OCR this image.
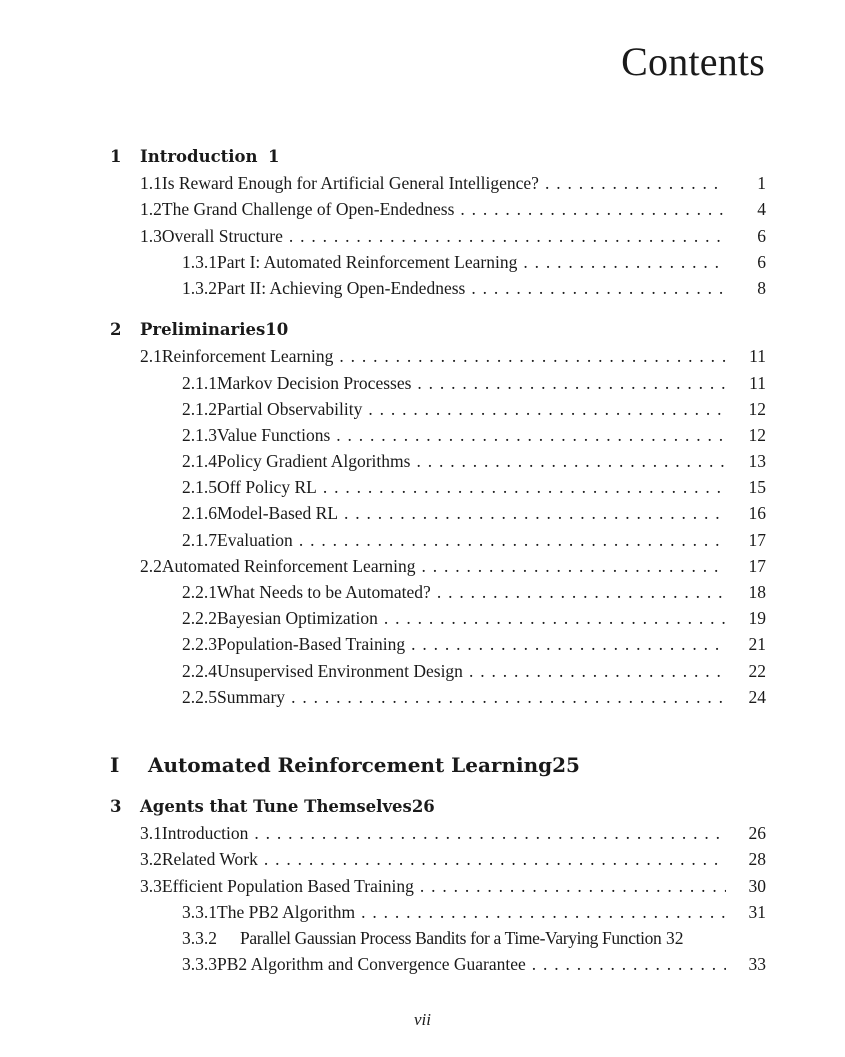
Contents
1	Introduction 1
1.1 Is Reward Enough for Artificial General Intelligence? . . .	1
1.2 The Grand Challenge of Open-Endedness . . .	4
1.3 Overall Structure . . .	6
1.3.1 Part I: Automated Reinforcement Learning . . .	6
1.3.2 Part II: Achieving Open-Endedness . . .	8
2	Preliminaries 10
2.1 Reinforcement Learning . . .	11
2.1.1 Markov Decision Processes . . .	11
2.1.2 Partial Observability . . .	12
2.1.3 Value Functions . . .	12
2.1.4 Policy Gradient Algorithms . . .	13
2.1.5 Off Policy RL . . .	15
2.1.6 Model-Based RL . . .	16
2.1.7 Evaluation . . .	17
2.2 Automated Reinforcement Learning . . .	17
2.2.1 What Needs to be Automated? . . .	18
2.2.2 Bayesian Optimization . . .	19
2.2.3 Population-Based Training . . .	21
2.2.4 Unsupervised Environment Design . . .	22
2.2.5 Summary . . .	24
I	Automated Reinforcement Learning 25
3	Agents that Tune Themselves 26
3.1 Introduction . . .	26
3.2 Related Work . . .	28
3.3 Efficient Population Based Training . . .	30
3.3.1 The PB2 Algorithm . . .	31
3.3.2	Parallel Gaussian Process Bandits for a Time-Varying Function 32
3.3.3 PB2 Algorithm and Convergence Guarantee . . .	33
vii
